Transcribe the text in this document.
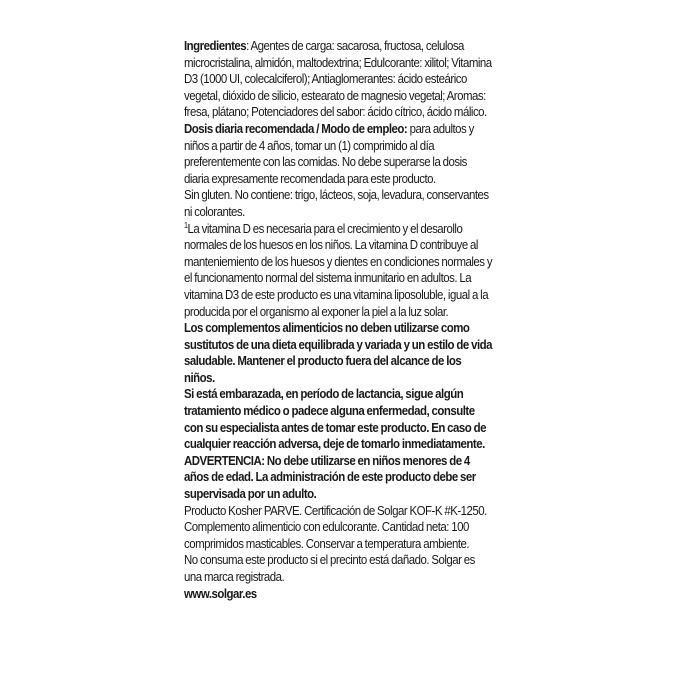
Ingredientes: Agentes de carga: sacarosa, fructosa, celulosa microcristalina, almidón, maltodextrina; Edulcorante: xilitol; Vitamina D3 (1000 UI, colecalciferol); Antiaglomerantes: ácido esteárico vegetal, dióxido de silicio, estearato de magnesio vegetal; Aromas: fresa, plátano; Potenciadores del sabor: ácido cítrico, ácido málico.

Dosis diaria recomendada / Modo de empleo: para adultos y niños a partir de 4 años, tomar un (1) comprimido al día preferentemente con las comidas. No debe superarse la dosis diaria expresamente recomendada para este producto.

Sin gluten. No contiene: trigo, lácteos, soja, levadura, conservantes ni colorantes.

$^1$La vitamina D es necesaria para el crecimiento y el desarollo normales de los huesos en los niños. La vitamina D contribuye al manteniemiento de los huesos y dientes en condiciones normales y el funcionamento normal del sistema inmunitario en adultos. La vitamina D3 de este producto es una vitamina liposoluble, igual a la producida por el organismo al exponer la piel a la luz solar.

Los complementos alimenticios no deben utilizarse como sustitutos de una dieta equilibrada y variada y un estilo de vida saludable. Mantener el producto fuera del alcance de los niños.

Si está embarazada, en período de lactancia, sigue algún tratamiento médico o padece alguna enfermedad, consulte con su especialista antes de tomar este producto. En caso de cualquier reacción adversa, deje de tomarlo inmediatamente.

ADVERTENCIA: No debe utilizarse en niños menores de 4 años de edad. La administración de este producto debe ser supervisada por un adulto.

Producto Kosher PARVE. Certificación de Solgar KOF-K #K-1250.

Complemento alimenticio con edulcorante. Cantidad neta: 100 comprimidos masticables. Conservar a temperatura ambiente.

No consuma este producto si el precinto está dañado. Solgar es una marca registrada.

www.solgar.es
